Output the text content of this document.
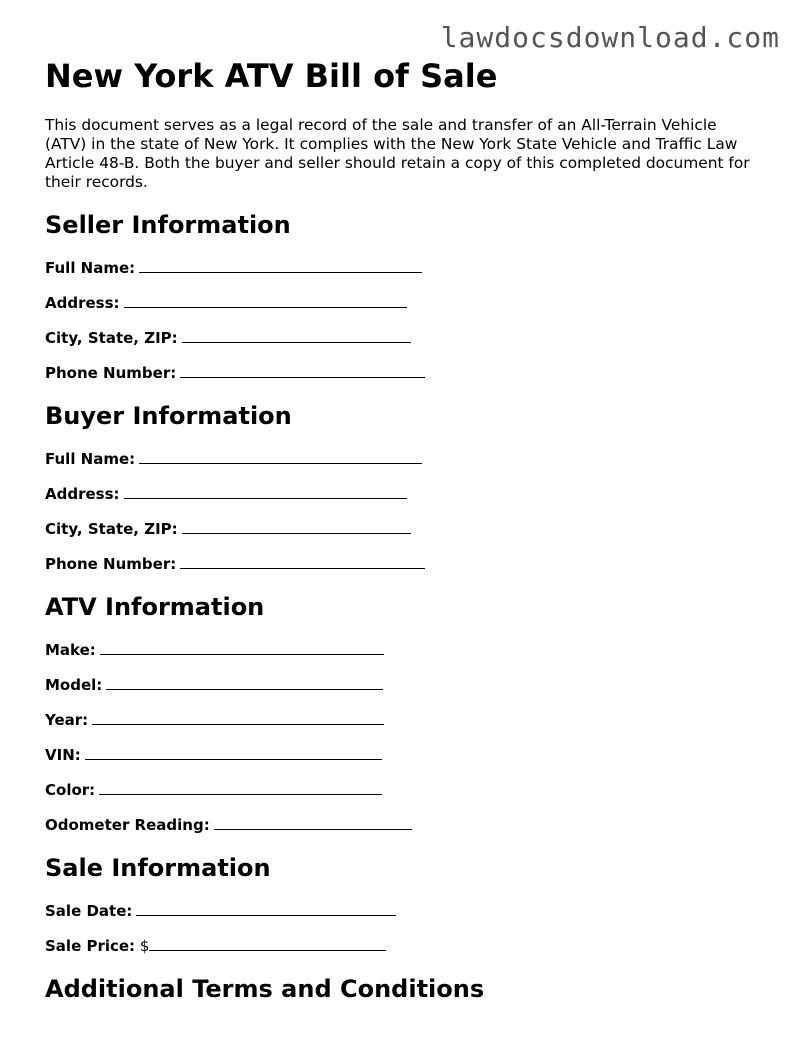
lawdocsdownload.com
New York ATV Bill of Sale

This document serves as a legal record of the sale and transfer of an All-Terrain Vehicle (ATV) in the state of New York. It complies with the New York State Vehicle and Traffic Law Article 48-B. Both the buyer and seller should retain a copy of this completed document for their records.

Seller Information
Full Name:
Address:
City, State, ZIP:
Phone Number:
Buyer Information
Full Name:
Address:
City, State, ZIP:
Phone Number:
ATV Information
Make:
Model:
Year:
VIN:
Color:
Odometer Reading:
Sale Information
Sale Date:
Sale Price: $
Additional Terms and Conditions
